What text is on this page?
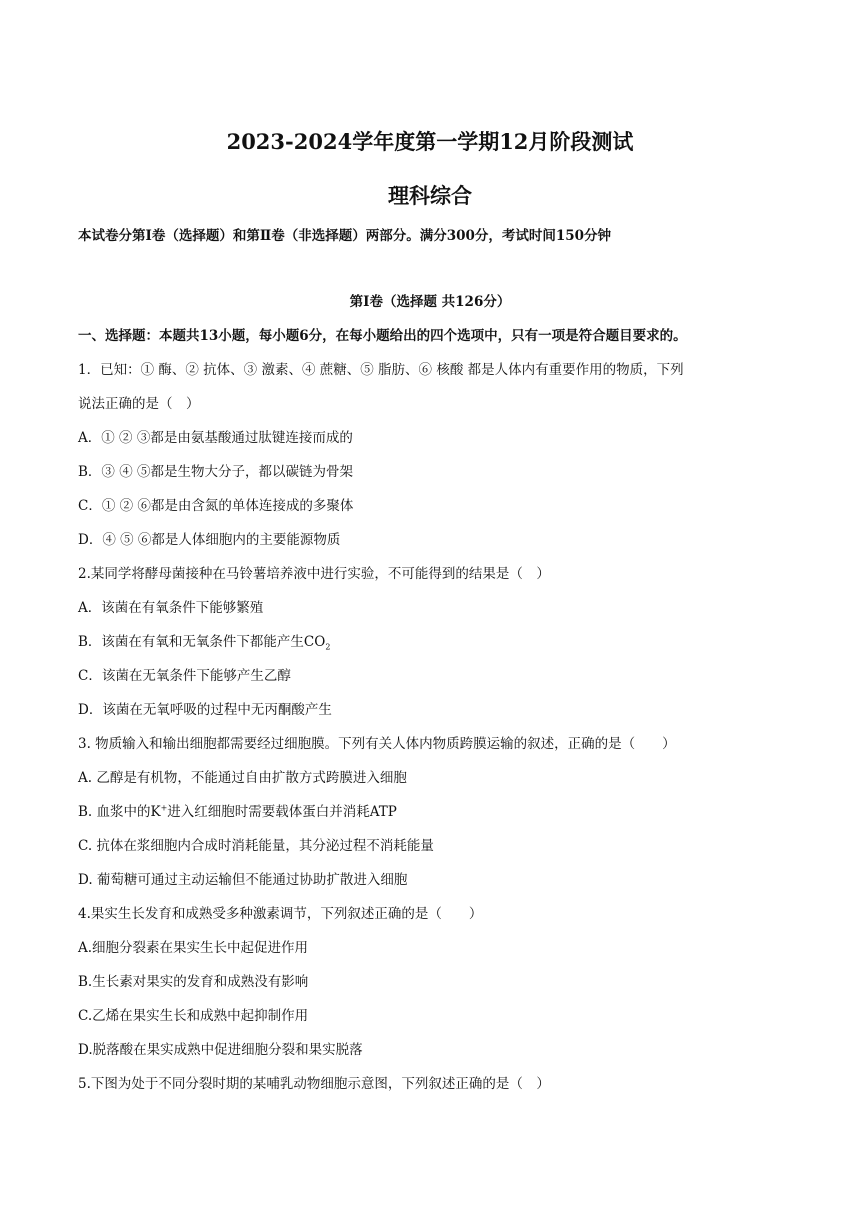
2023-2024学年度第一学期12月阶段测试
理科综合
本试卷分第Ⅰ卷（选择题）和第Ⅱ卷（非选择题）两部分。满分300分，考试时间150分钟
第Ⅰ卷（选择题 共126分）
一、选择题：本题共13小题，每小题6分，在每小题给出的四个选项中，只有一项是符合题目要求的。
1．已知：① 酶、② 抗体、③ 激素、④ 蔗糖、⑤ 脂肪、⑥ 核酸 都是人体内有重要作用的物质，下列
说法正确的是（　）
A．① ② ③都是由氨基酸通过肽键连接而成的
B．③ ④ ⑤都是生物大分子，都以碳链为骨架
C．① ② ⑥都是由含氮的单体连接成的多聚体
D．④ ⑤ ⑥都是人体细胞内的主要能源物质
2.某同学将酵母菌接种在马铃薯培养液中进行实验，不可能得到的结果是（　）
A．该菌在有氧条件下能够繁殖
B．该菌在有氧和无氧条件下都能产生$CO_2$
C．该菌在无氧条件下能够产生乙醇
D．该菌在无氧呼吸的过程中无丙酮酸产生
3. 物质输入和输出细胞都需要经过细胞膜。下列有关人体内物质跨膜运输的叙述，正确的是（　　）
A. 乙醇是有机物，不能通过自由扩散方式跨膜进入细胞
B. 血浆中的K+进入红细胞时需要载体蛋白并消耗ATP
C. 抗体在浆细胞内合成时消耗能量，其分泌过程不消耗能量
D. 葡萄糖可通过主动运输但不能通过协助扩散进入细胞
4.果实生长发育和成熟受多种激素调节，下列叙述正确的是（　　）
A.细胞分裂素在果实生长中起促进作用
B.生长素对果实的发育和成熟没有影响
C.乙烯在果实生长和成熟中起抑制作用
D.脱落酸在果实成熟中促进细胞分裂和果实脱落
5.下图为处于不同分裂时期的某哺乳动物细胞示意图，下列叙述正确的是（　）
